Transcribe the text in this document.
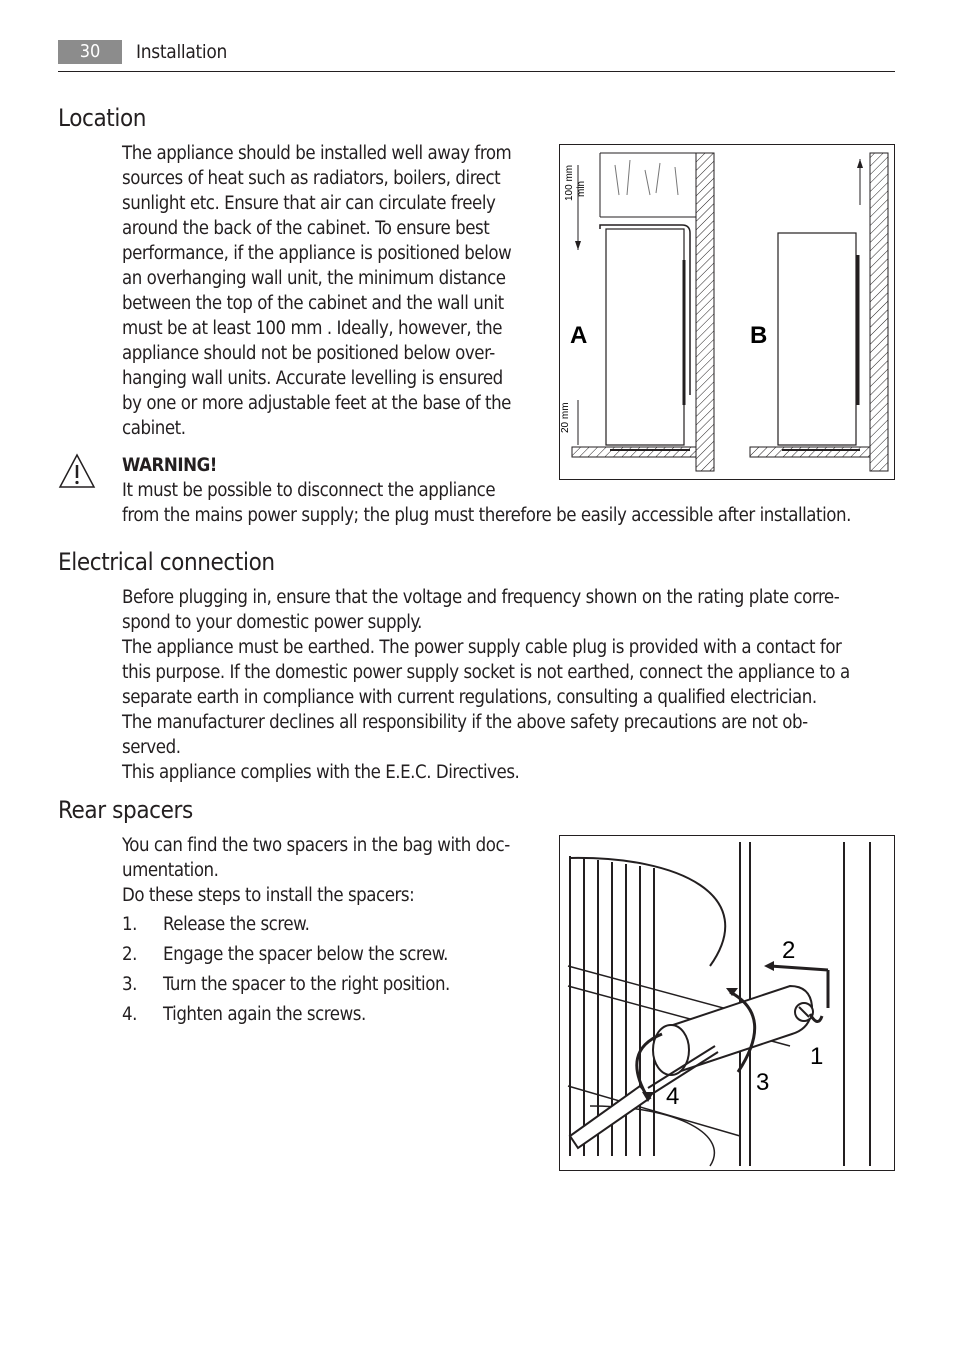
30	Installation
Location
The appliance should be installed well away from
sources of heat such as radiators, boilers, direct
sunlight etc. Ensure that air can circulate freely
around the back of the cabinet. To ensure best
performance, if the appliance is positioned below
an overhanging wall unit, the minimum distance
between the top of the cabinet and the wall unit
must be at least 100 mm . Ideally, however, the
appliance should not be positioned below over-
hanging wall units. Accurate levelling is ensured
by one or more adjustable feet at the base of the
cabinet.
100 mm min
20 mm
A	B
WARNING!
It must be possible to disconnect the appliance
from the mains power supply; the plug must therefore be easily accessible after installation.
Electrical connection
Before plugging in, ensure that the voltage and frequency shown on the rating plate corre-
spond to your domestic power supply.
The appliance must be earthed. The power supply cable plug is provided with a contact for
this purpose. If the domestic power supply socket is not earthed, connect the appliance to a
separate earth in compliance with current regulations, consulting a qualified electrician.
The manufacturer declines all responsibility if the above safety precautions are not ob-
served.
This appliance complies with the E.E.C. Directives.
Rear spacers
You can find the two spacers in the bag with doc-
umentation.
Do these steps to install the spacers:
1.	Release the screw.
2.	Engage the spacer below the screw.
3.	Turn the spacer to the right position.
4.	Tighten again the screws.
2
1
3
4
